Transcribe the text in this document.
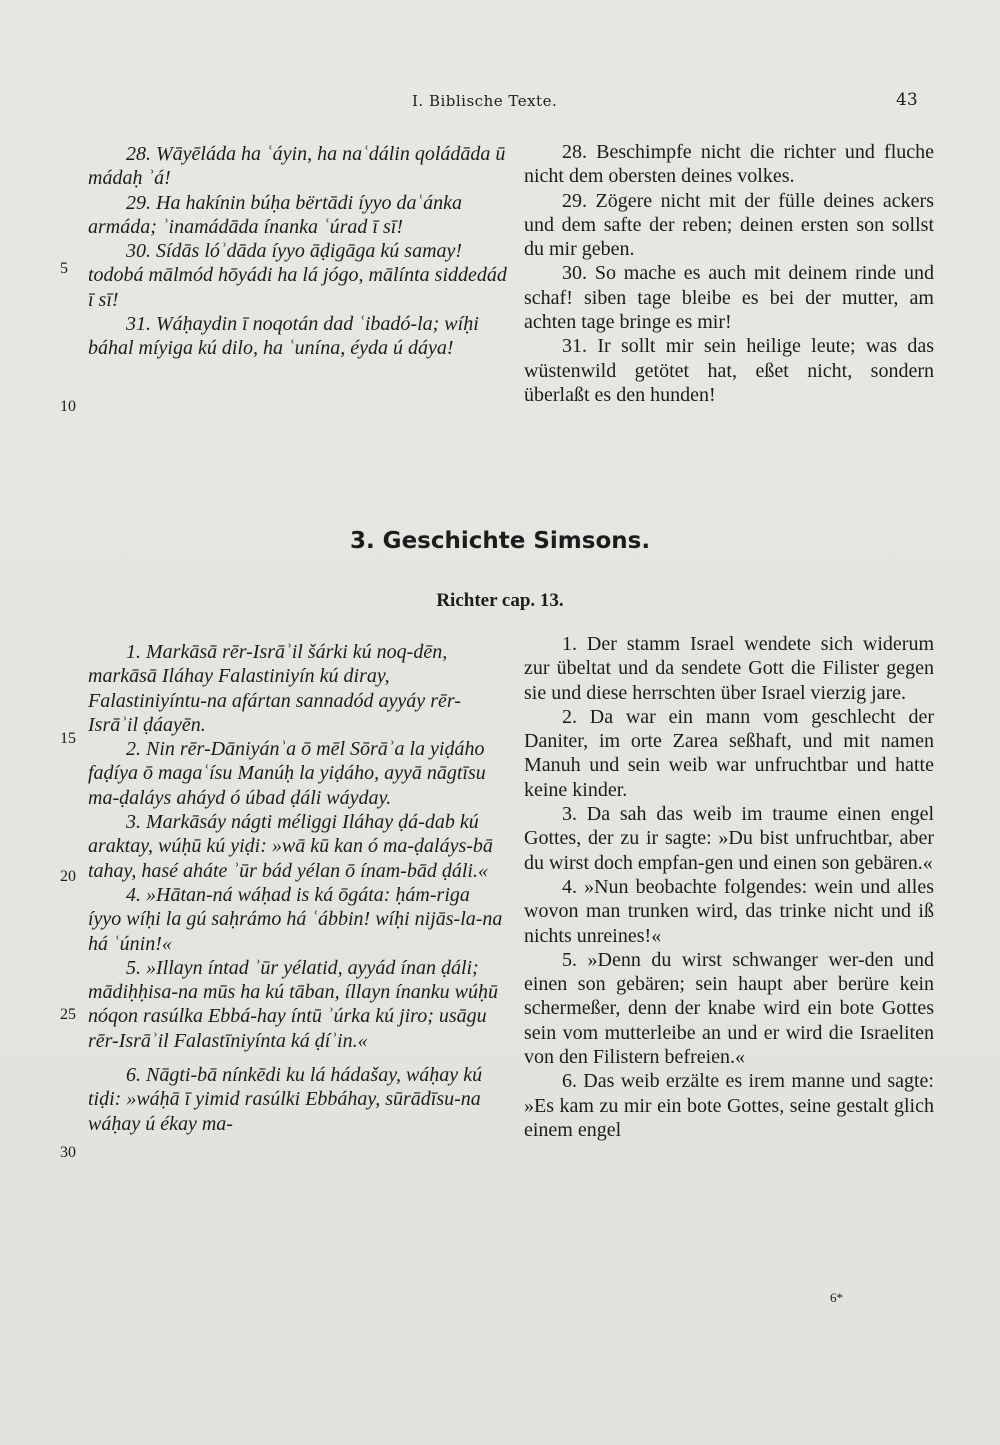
I. Biblische Texte.	43

28. Wāyēláda ha ʿáyin, ha naʿdálin qoládāda ū mádaḥ ʾá!

29. Ha hakínin búḥa bërtādi íyyo daʿánka armáda; ʾinamádāda ínanka ʿúrad ī sī!

30. Sídās lóʾdāda íyyo āḍigāga kú samay! todobá mālmód hōyádi ha lá jógo, mālínta siddedád ī sī!

31. Wáḥaydin ī noqotán dad ʿibadó-la; wíḥi báhal míyiga kú dilo, ha ʿunína, éyda ú dáya!

28. Beschimpfe nicht die richter und fluche nicht dem obersten deines volkes.

29. Zögere nicht mit der fülle deines ackers und dem safte der reben; deinen ersten son sollst du mir geben.

30. So mache es auch mit deinem rinde und schaf! siben tage bleibe es bei der mutter, am achten tage bringe es mir!

31. Ir sollt mir sein heilige leute; was das wüstenwild getötet hat, eßet nicht, sondern überlaßt es den hunden!

5
10
3. Geschichte Simsons.
Richter cap. 13.

1. Markāsā rēr-Isrāʾil šárki kú noq-dēn, markāsā Iláhay Falastiniyín kú diray, Falastiniyíntu-na afártan sannadód ayyáy rēr-Isrāʾil ḍáayēn.

2. Nin rēr-Dāniyánʾa ō mēl Sōrāʾa la yiḍáho faḍíya ō magaʿísu Manúḥ la yiḍáho, ayyā nāgtīsu ma-ḍaláys aháyd ó úbad ḍáli wáyday.

3. Markāsáy nágti méliggi Iláhay ḍá-dab kú araktay, wúḥū kú yiḍi: »wā kū kan ó ma-ḍaláys-bā tahay, hasé aháte ʾūr bád yélan ō ínam-bād ḍáli.«

4. »Hātan-ná wáḥad is ká ōgáta: ḥám-riga íyyo wíḥi la gú saḥrámo há ʿábbin! wíḥi nijās-la-na há ʿúnin!«

5. »Illayn íntad ʾūr yélatid, ayyád ínan ḍáli; mādiḥḥisa-na mūs ha kú tāban, íllayn ínanku wúḥū nóqon rasúlka Ebbá-hay íntū ʾúrka kú jiro; usāgu rēr-Isrāʾil Falastīniyínta ká ḍíʾin.«

6. Nāgti-bā nínkēdi ku lá hádašay, wáḥay kú tiḍi: »wáḥā ī yimid rasúlki Ebbáhay, sūrādīsu-na wáḥay ú ékay ma-

1. Der stamm Israel wendete sich widerum zur übeltat und da sendete Gott die Filister gegen sie und diese herrschten über Israel vierzig jare.

2. Da war ein mann vom geschlecht der Daniter, im orte Zarea seßhaft, und mit namen Manuh und sein weib war unfruchtbar und hatte keine kinder.

3. Da sah das weib im traume einen engel Gottes, der zu ir sagte: »Du bist unfruchtbar, aber du wirst doch empfan-gen und einen son gebären.«

4. »Nun beobachte folgendes: wein und alles wovon man trunken wird, das trinke nicht und iß nichts unreines!«

5. »Denn du wirst schwanger wer-den und einen son gebären; sein haupt aber berüre kein schermeßer, denn der knabe wird ein bote Gottes sein vom mutterleibe an und er wird die Israeliten von den Filistern befreien.«

6. Das weib erzälte es irem manne und sagte: »Es kam zu mir ein bote Gottes, seine gestalt glich einem engel

15
20
25
30
6*
